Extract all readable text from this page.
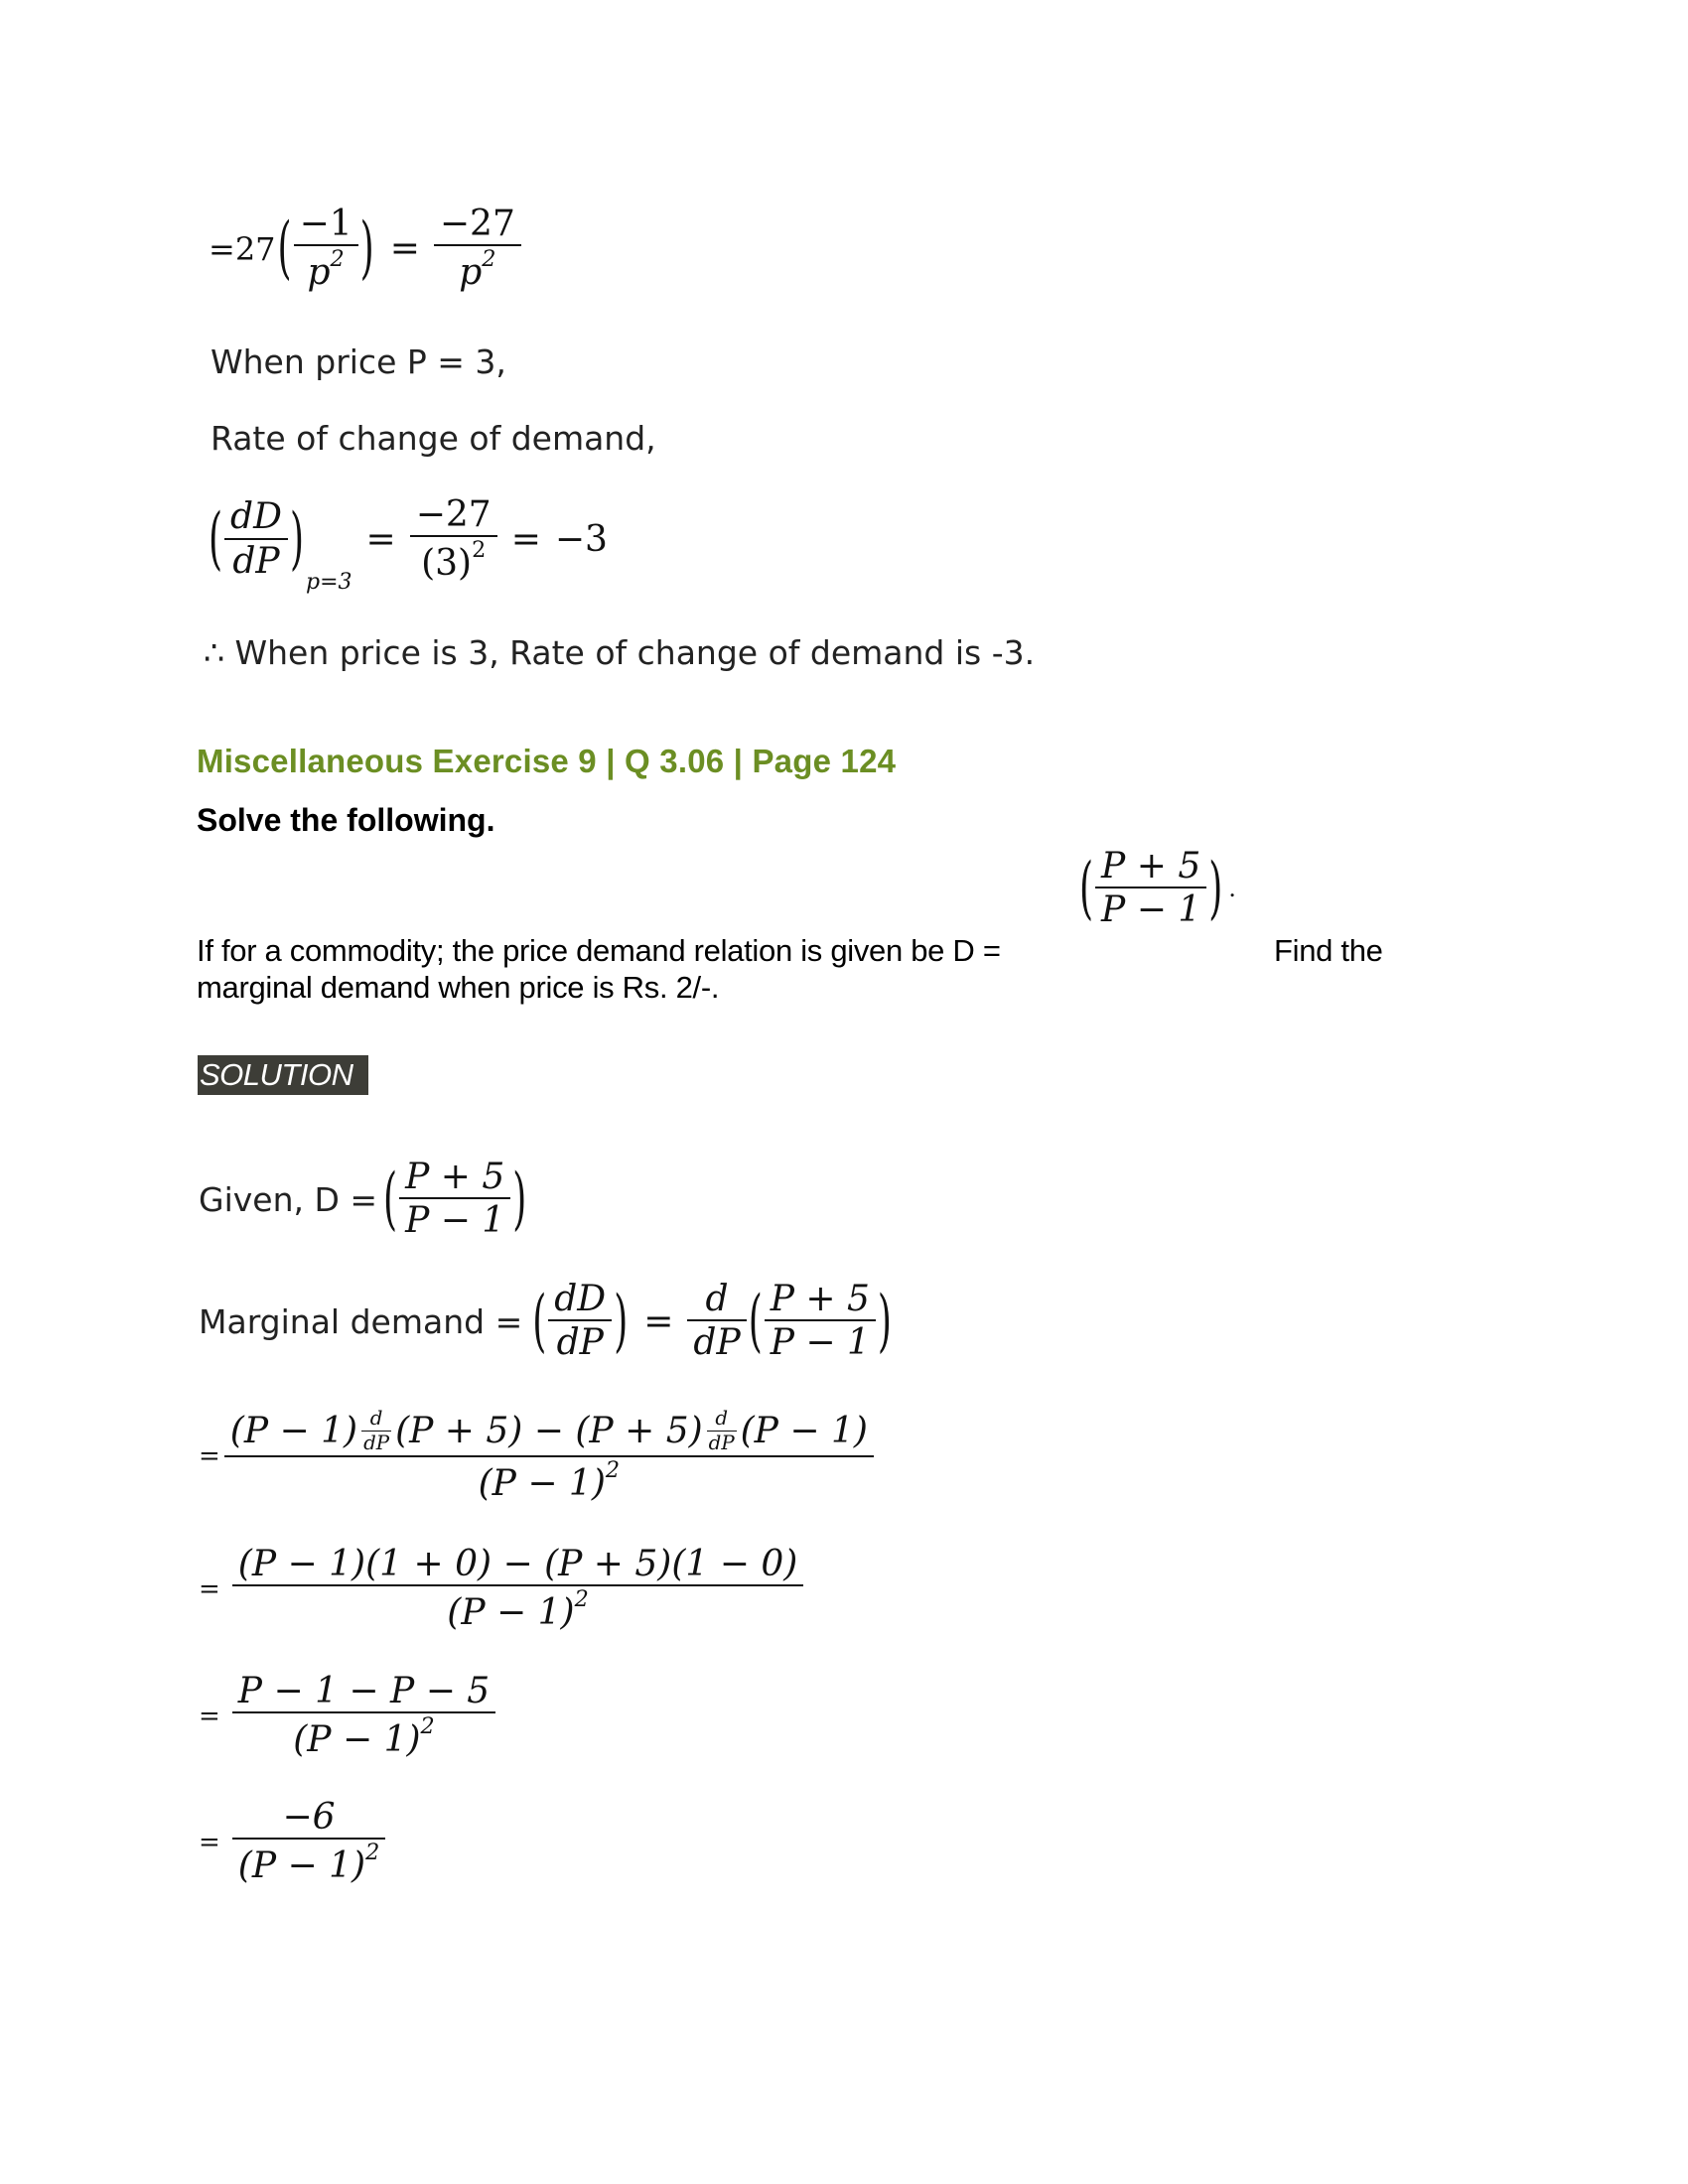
=27 ( $\frac{-1}{p^2}$ ) = $\frac{-27}{p^2}$
When price P = 3,
Rate of change of demand,
( $\frac{dD}{dP}$ )
p=3
= $\frac{-27}{(3)^2} = -3$
∴ When price is 3, Rate of change of demand is -3.
Miscellaneous Exercise 9 | Q 3.06 | Page 124
Solve the following.
If for a commodity; the price demand relation is given be D =
( $\frac{P + 5}{P - 1}$ ) .
Find the
marginal demand when price is Rs. 2/-.
SOLUTION
Given, D = ( $\frac{P + 5}{P - 1}$ )
Marginal demand = ( $\frac{dD}{dP}$ ) = $\frac{d}{dP}$ ( $\frac{P + 5}{P - 1}$ )
=
$(P - 1) \frac{d}{dP} (P + 5) - (P + 5) \frac{d}{dP} (P - 1)$
$(P - 1)^2$
= $\frac{(P - 1)(1 + 0) - (P + 5)(1 - 0)}{(P - 1)^2}$
= $\frac{P - 1 - P - 5}{(P - 1)^2}$
= $\frac{-6}{(P - 1)^2}$
